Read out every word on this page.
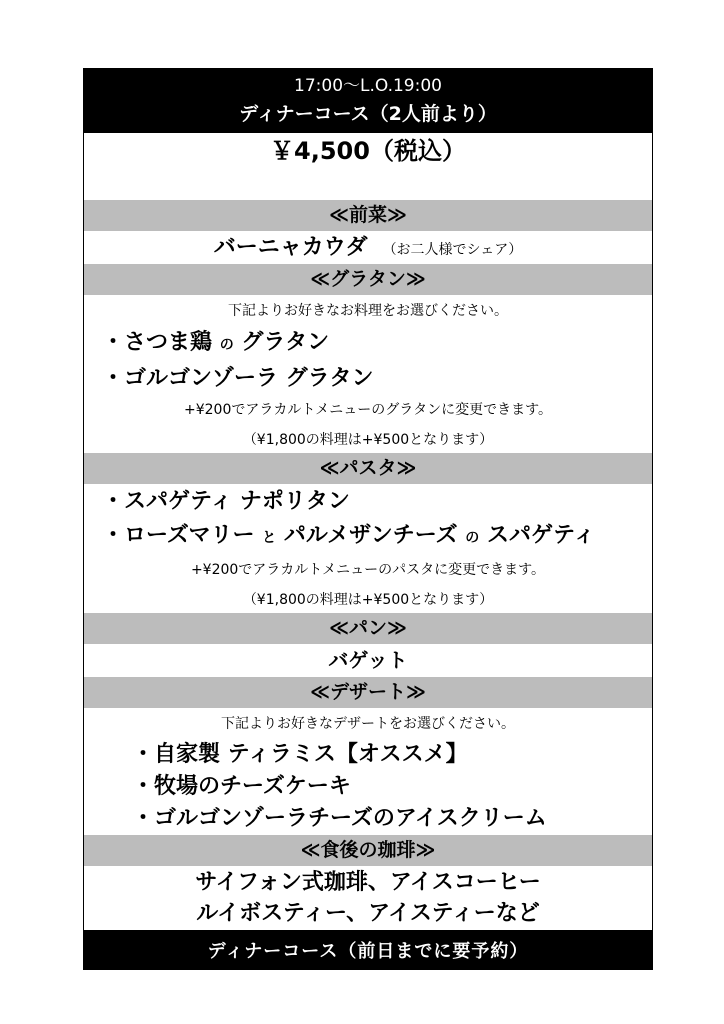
17:00～L.O.19:00
ディナーコース（2人前より）
￥4,500（税込）
≪前菜≫
バーニャカウダ （お二人様でシェア）
≪グラタン≫
下記よりお好きなお料理をお選びください。
・さつま鶏 の グラタン
・ゴルゴンゾーラ グラタン
+¥200でアラカルトメニューのグラタンに変更できます。
（¥1,800の料理は+¥500となります）
≪パスタ≫
・スパゲティ ナポリタン
・ローズマリー と パルメザンチーズ の スパゲティ
+¥200でアラカルトメニューのパスタに変更できます。
（¥1,800の料理は+¥500となります）
≪パン≫
バゲット
≪デザート≫
下記よりお好きなデザートをお選びください。
・自家製 ティラミス【オススメ】
・牧場のチーズケーキ
・ゴルゴンゾーラチーズのアイスクリーム
≪食後の珈琲≫
サイフォン式珈琲、アイスコーヒー
ルイボスティー、アイスティーなど
ディナーコース（前日までに要予約）
